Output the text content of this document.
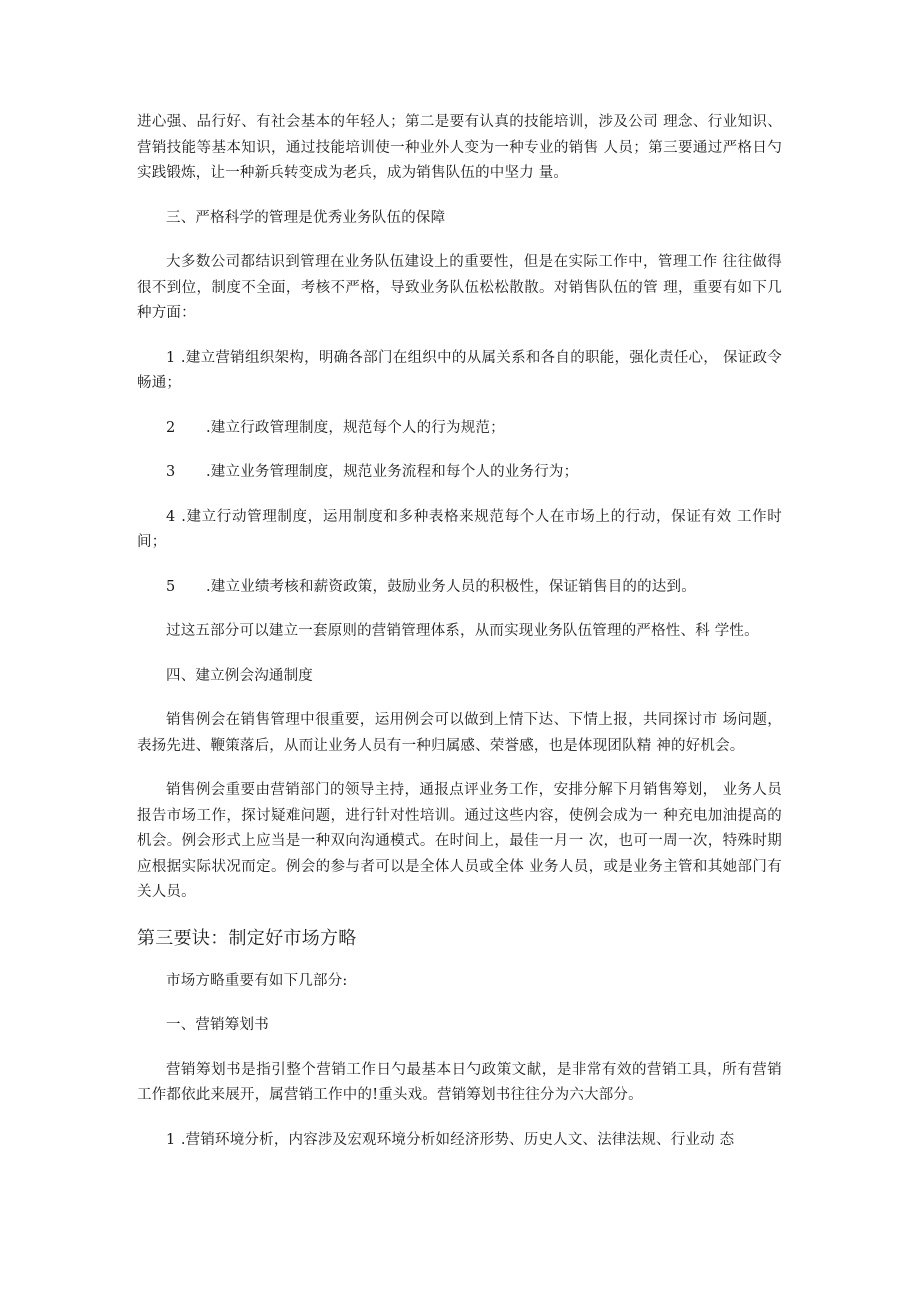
进心强、品行好、有社会基本的年轻人；第二是要有认真的技能培训，涉及公司 理念、行业知识、营销技能等基本知识，通过技能培训使一种业外人变为一种专业的销售 人员；第三要通过严格日勺实践锻炼，让一种新兵转变成为老兵，成为销售队伍的中坚力 量。

三、严格科学的管理是优秀业务队伍的保障

大多数公司都结识到管理在业务队伍建设上的重要性，但是在实际工作中，管理工作 往往做得很不到位，制度不全面，考核不严格，导致业务队伍松松散散。对销售队伍的管 理，重要有如下几种方面：

1 .建立营销组织架构，明确各部门在组织中的从属关系和各自的职能，强化责任心， 保证政令畅通；

2 .建立行政管理制度，规范每个人的行为规范；

3 .建立业务管理制度，规范业务流程和每个人的业务行为；

4 .建立行动管理制度，运用制度和多种表格来规范每个人在市场上的行动，保证有效 工作时间；

5 .建立业绩考核和薪资政策，鼓励业务人员的积极性，保证销售目的的达到。

过这五部分可以建立一套原则的营销管理体系，从而实现业务队伍管理的严格性、科 学性。

四、建立例会沟通制度

销售例会在销售管理中很重要，运用例会可以做到上情下达、下情上报，共同探讨市 场问题，表扬先进、鞭策落后，从而让业务人员有一种归属感、荣誉感，也是体现团队精 神的好机会。

销售例会重要由营销部门的领导主持，通报点评业务工作，安排分解下月销售筹划， 业务人员报告市场工作，探讨疑难问题，进行针对性培训。通过这些内容，使例会成为一 种充电加油提高的机会。例会形式上应当是一种双向沟通模式。在时间上，最佳一月一 次，也可一周一次，特殊时期应根据实际状况而定。例会的参与者可以是全体人员或全体 业务人员，或是业务主管和其她部门有关人员。

第三要诀：制定好市场方略

市场方略重要有如下几部分:

一、营销筹划书

营销筹划书是指引整个营销工作日勺最基本日勺政策文献，是非常有效的营销工具，所有营销工作都依此来展开，属营销工作中的!重头戏。营销筹划书往往分为六大部分。

1 .营销环境分析，内容涉及宏观环境分析如经济形势、历史人文、法律法规、行业动 态
